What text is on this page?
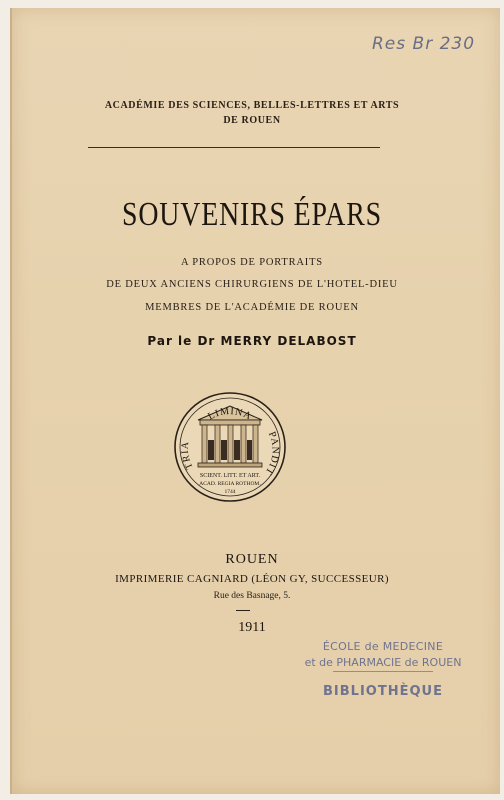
Res Br 230
ACADÉMIE DES SCIENCES, BELLES-LETTRES ET ARTS
DE ROUEN
SOUVENIRS ÉPARS
A PROPOS DE PORTRAITS
DE DEUX ANCIENS CHIRURGIENS DE L'HOTEL-DIEU
MEMBRES DE L'ACADÉMIE DE ROUEN
Par le Dr MERRY DELABOST
LIMINA
TRIA
PANDIT
SCIENT. LITT. ET ART.
ACAD. REGIA ROTHOM.
1744
ROUEN
IMPRIMERIE CAGNIARD (LÉON GY, SUCCESSEUR)
Rue des Basnage, 5.
1911
ÉCOLE de MEDECINE
et de PHARMACIE de ROUEN
BIBLIOTHÈQUE
